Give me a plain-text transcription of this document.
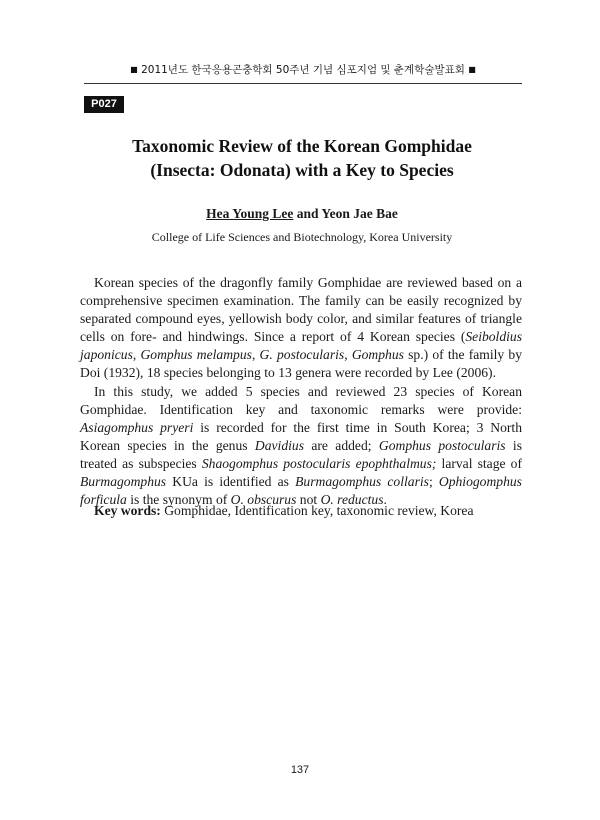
■ 2011년도 한국응용곤충학회 50주년 기념 심포지엄 및 춘계학술발표회 ■
P027
Taxonomic Review of the Korean Gomphidae
(Insecta: Odonata) with a Key to Species
Hea Young Lee and Yeon Jae Bae
College of Life Sciences and Biotechnology, Korea University

Korean species of the dragonfly family Gomphidae are reviewed based on a comprehensive specimen examination. The family can be easily recognized by separated compound eyes, yellowish body color, and similar features of triangle cells on fore- and hindwings. Since a report of 4 Korean species (Seiboldius japonicus, Gomphus melampus, G. postocularis, Gomphus sp.) of the family by Doi (1932), 18 species belonging to 13 genera were recorded by Lee (2006).

In this study, we added 5 species and reviewed 23 species of Korean Gomphidae. Identification key and taxonomic remarks were provide: Asiagomphus pryeri is recorded for the first time in South Korea; 3 North Korean species in the genus Davidius are added; Gomphus postocularis is treated as subspecies Shaogomphus postocularis epophthalmus; larval stage of Burmagomphus KUa is identified as Burmagomphus collaris; Ophiogomphus forficula is the synonym of O. obscurus not O. reductus.

Key words: Gomphidae, Identification key, taxonomic review, Korea
137
